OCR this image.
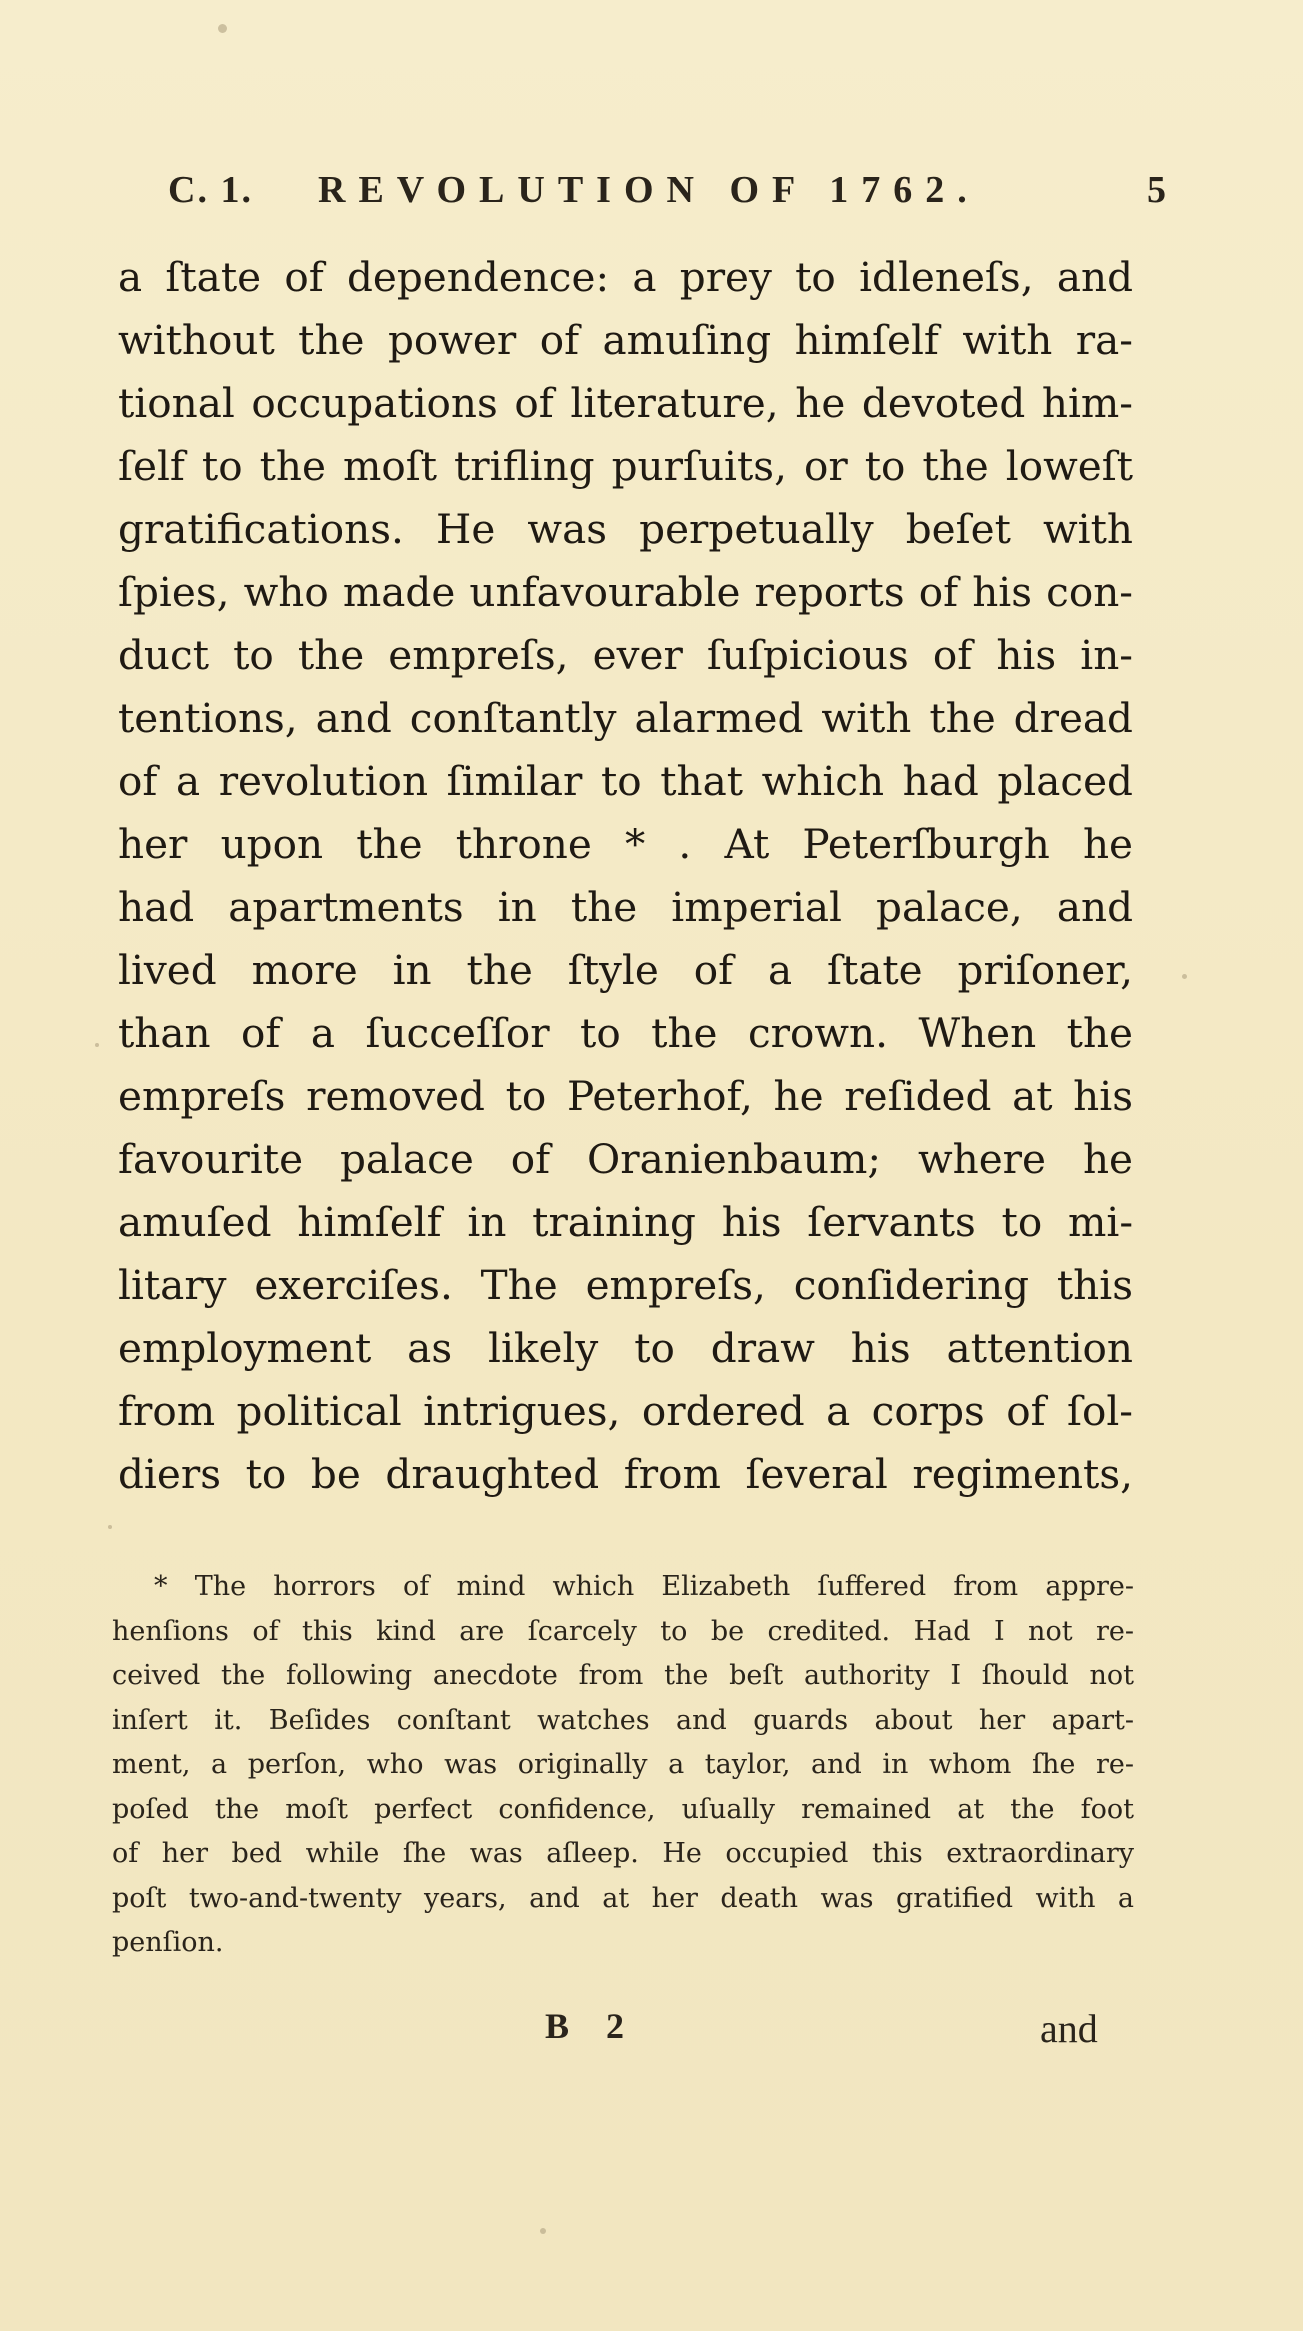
C. 1. REVOLUTION OF 1762.	5
a ſtate of dependence: a prey to idleneſs, and
without the power of amuſing himſelf with ra-
tional occupations of literature, he devoted him-
ſelf to the moſt trifling purſuits, or to the loweſt
gratifications. He was perpetually beſet with
ſpies, who made unfavourable reports of his con-
duct to the empreſs, ever ſuſpicious of his in-
tentions, and conſtantly alarmed with the dread
of a revolution ſimilar to that which had placed
her upon the throne * . At Peterſburgh he
had apartments in the imperial palace, and
lived more in the ſtyle of a ſtate priſoner,
than of a ſucceſſor to the crown. When the
empreſs removed to Peterhof, he reſided at his
favourite palace of Oranienbaum; where he
amuſed himſelf in training his ſervants to mi-
litary exerciſes. The empreſs, conſidering this
employment as likely to draw his attention
from political intrigues, ordered a corps of ſol-
diers to be draughted from ſeveral regiments,
* The horrors of mind which Elizabeth ſuffered from appre-
henſions of this kind are ſcarcely to be credited. Had I not re-
ceived the following anecdote from the beſt authority I ſhould not
inſert it. Beſides conſtant watches and guards about her apart-
ment, a perſon, who was originally a taylor, and in whom ſhe re-
poſed the moſt perfect confidence, uſually remained at the foot
of her bed while ſhe was aſleep. He occupied this extraordinary
poſt two-and-twenty years, and at her death was gratified with a
penſion.
B 2	and
